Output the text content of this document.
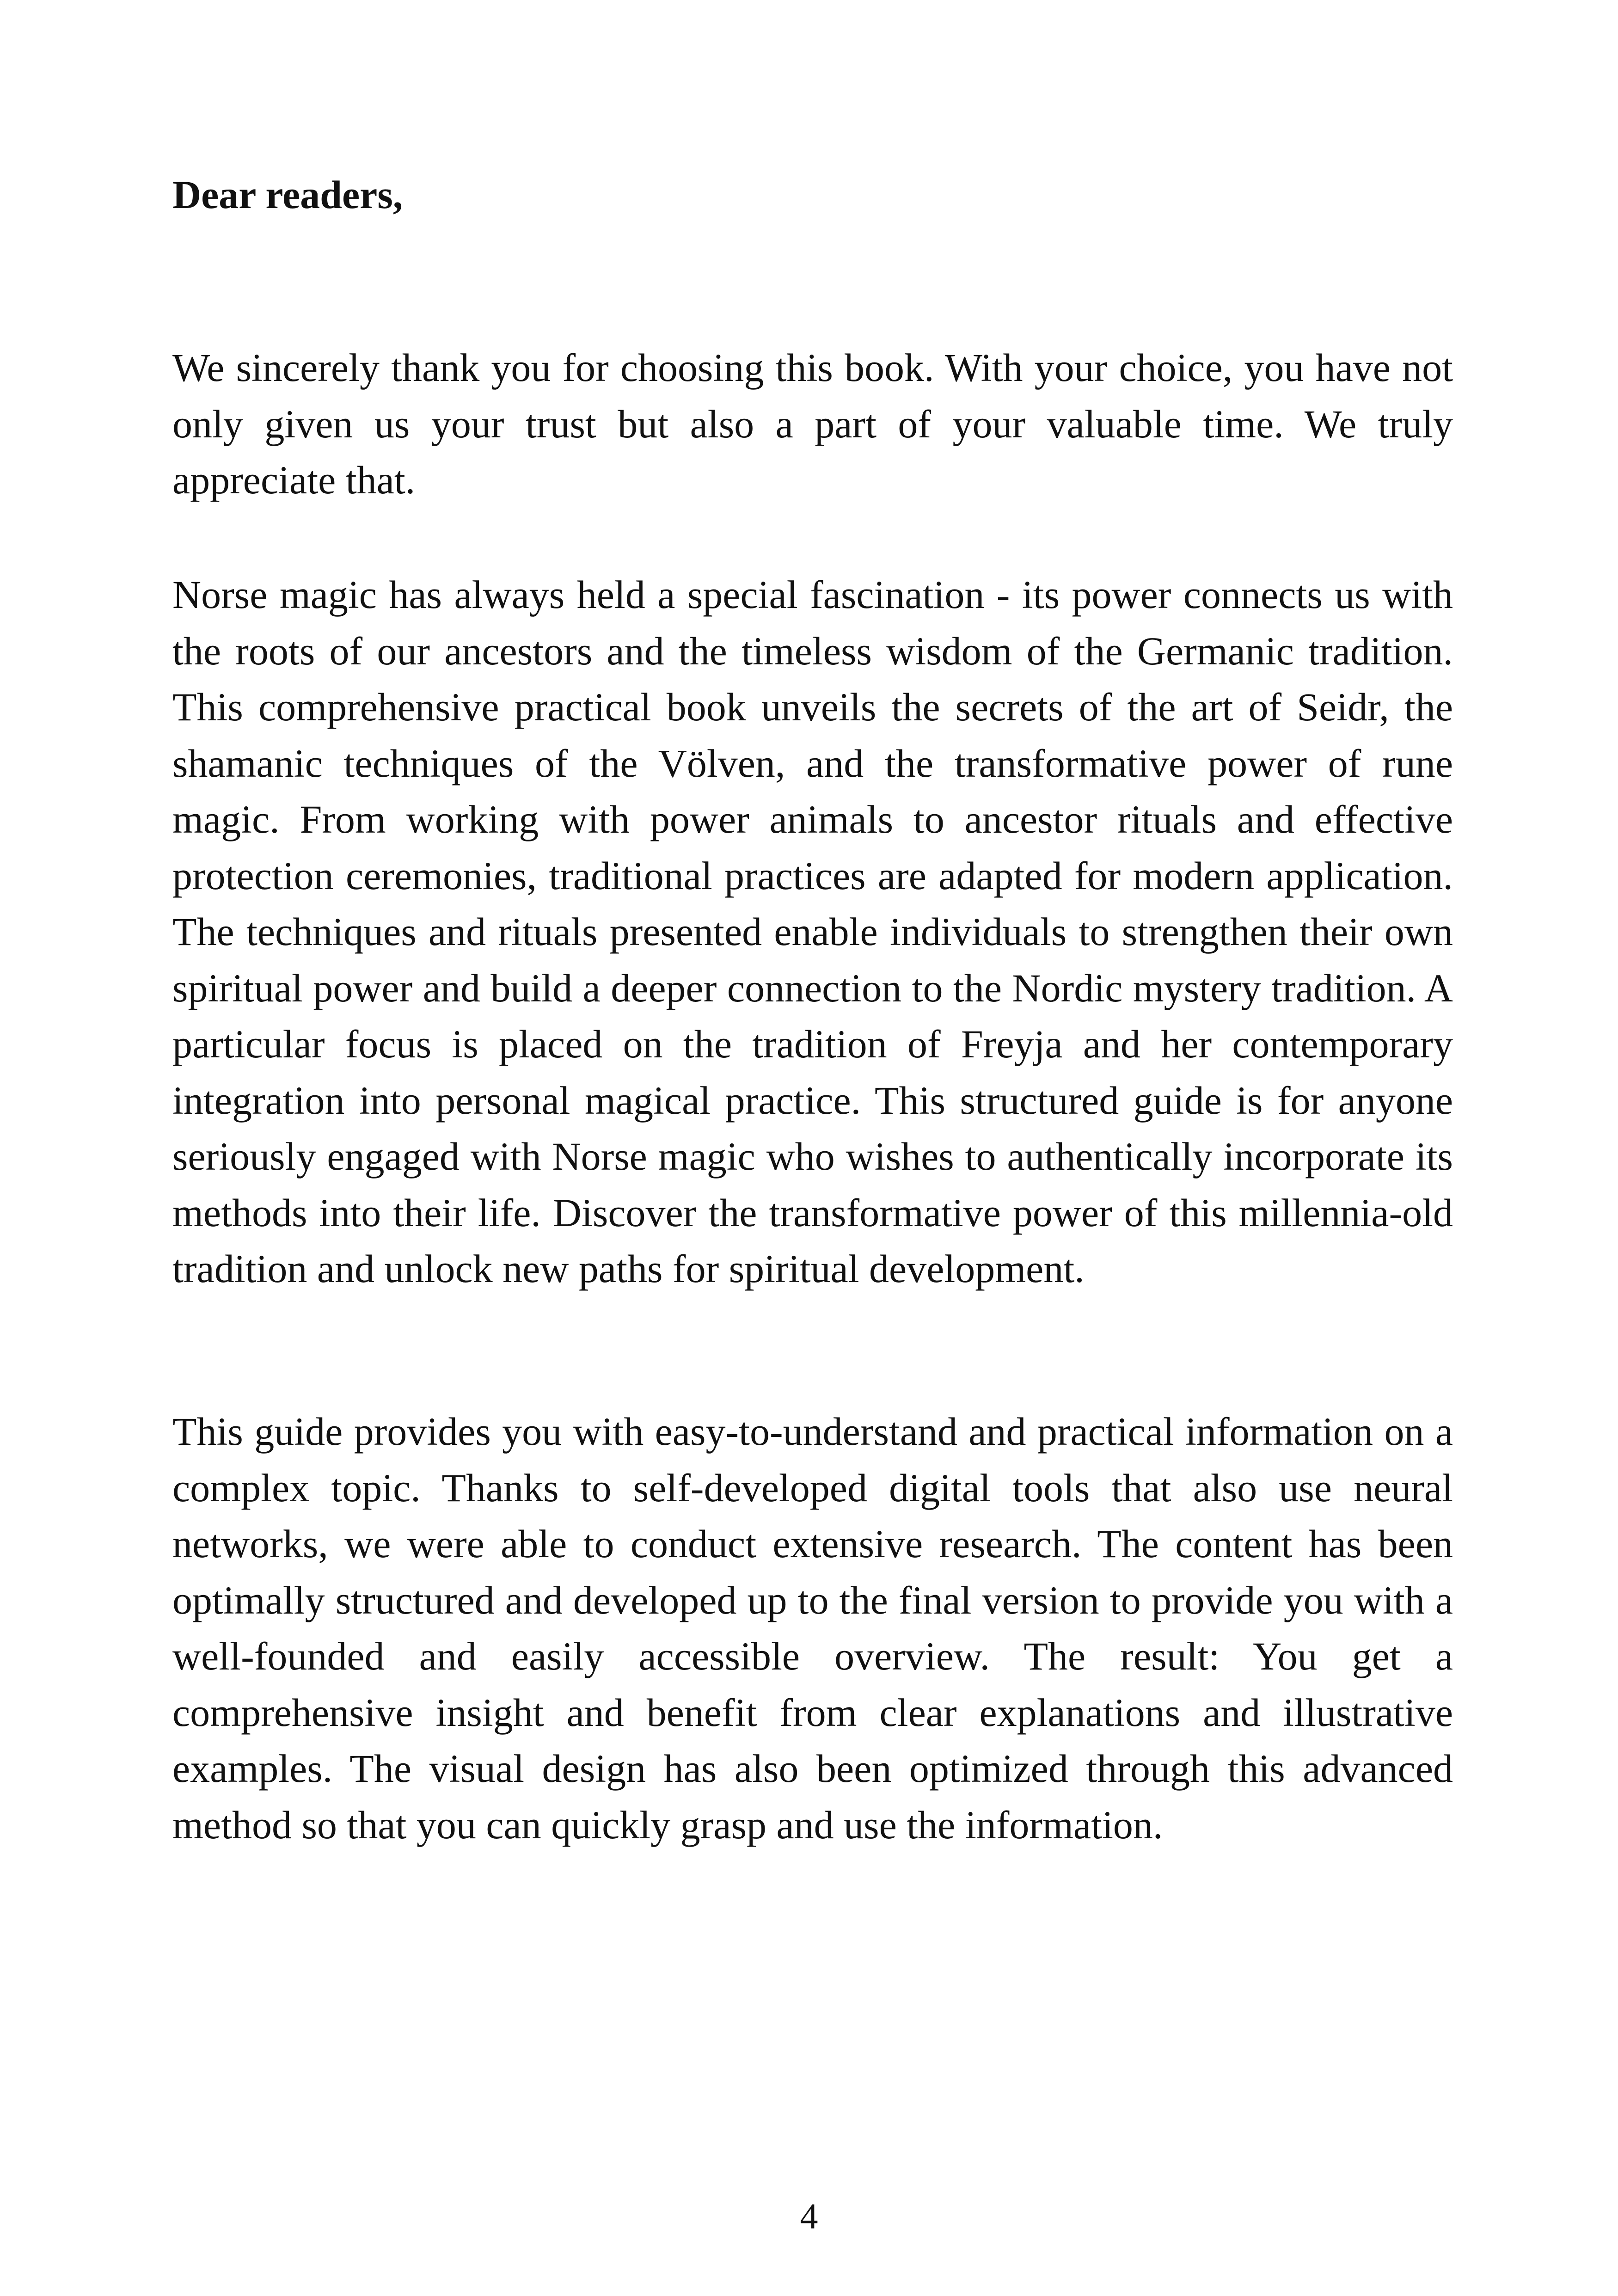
Dear readers,

We sincerely thank you for choosing this book. With your choice, you have not only given us your trust but also a part of your valuable time. We truly appreciate that.

Norse magic has always held a special fascination - its power connects us with the roots of our ancestors and the timeless wisdom of the Germanic tradition. This comprehensive practical book unveils the secrets of the art of Seidr, the shamanic techniques of the Völven, and the transformative power of rune magic. From working with power animals to ancestor rituals and effective protection ceremonies, traditional practices are adapted for modern application. The techniques and rituals presented enable individuals to strengthen their own spiritual power and build a deeper connection to the Nordic mystery tradition. A particular focus is placed on the tradition of Freyja and her contemporary integration into personal magical practice. This structured guide is for anyone seriously engaged with Norse magic who wishes to authentically incorporate its methods into their life. Discover the transformative power of this millennia-old tradition and unlock new paths for spiritual development.

This guide provides you with easy-to-understand and practical information on a complex topic. Thanks to self-developed digital tools that also use neural networks, we were able to conduct extensive research. The content has been optimally structured and developed up to the final version to provide you with a well-founded and easily accessible overview. The result: You get a comprehensive insight and benefit from clear explanations and illustrative examples. The visual design has also been optimized through this advanced method so that you can quickly grasp and use the information.

4
